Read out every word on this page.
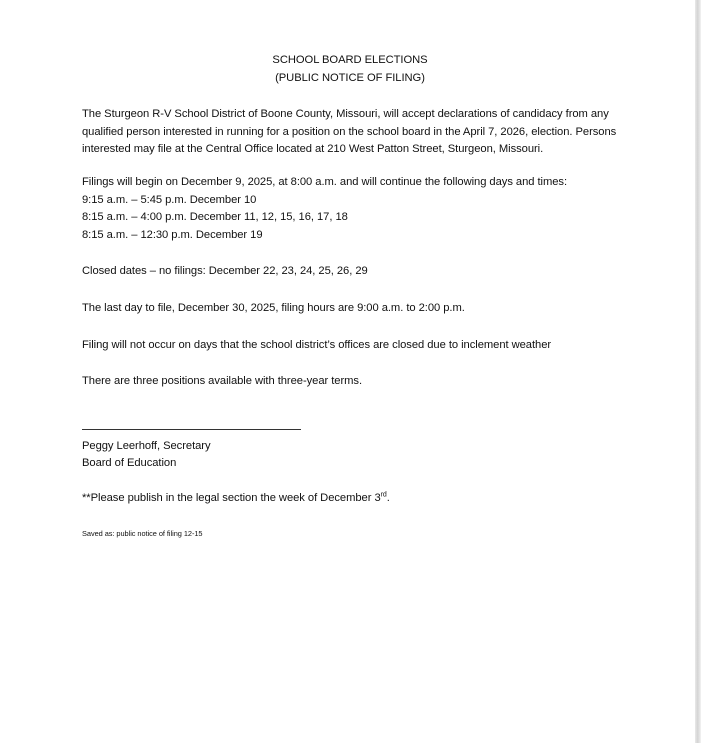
SCHOOL BOARD ELECTIONS
(PUBLIC NOTICE OF FILING)

The Sturgeon R-V School District of Boone County, Missouri, will accept declarations of candidacy from any qualified person interested in running for a position on the school board in the April 7, 2026, election. Persons interested may file at the Central Office located at 210 West Patton Street, Sturgeon, Missouri.

Filings will begin on December 9, 2025, at 8:00 a.m. and will continue the following days and times:
9:15 a.m. – 5:45 p.m. December 10
8:15 a.m. – 4:00 p.m. December 11, 12, 15, 16, 17, 18
8:15 a.m. – 12:30 p.m. December 19

Closed dates – no filings: December 22, 23, 24, 25, 26, 29

The last day to file, December 30, 2025, filing hours are 9:00 a.m. to 2:00 p.m.

Filing will not occur on days that the school district’s offices are closed due to inclement weather

There are three positions available with three-year terms.

Peggy Leerhoff, Secretary
Board of Education

**Please publish in the legal section the week of December 3rd.

Saved as: public notice of filing 12-15
